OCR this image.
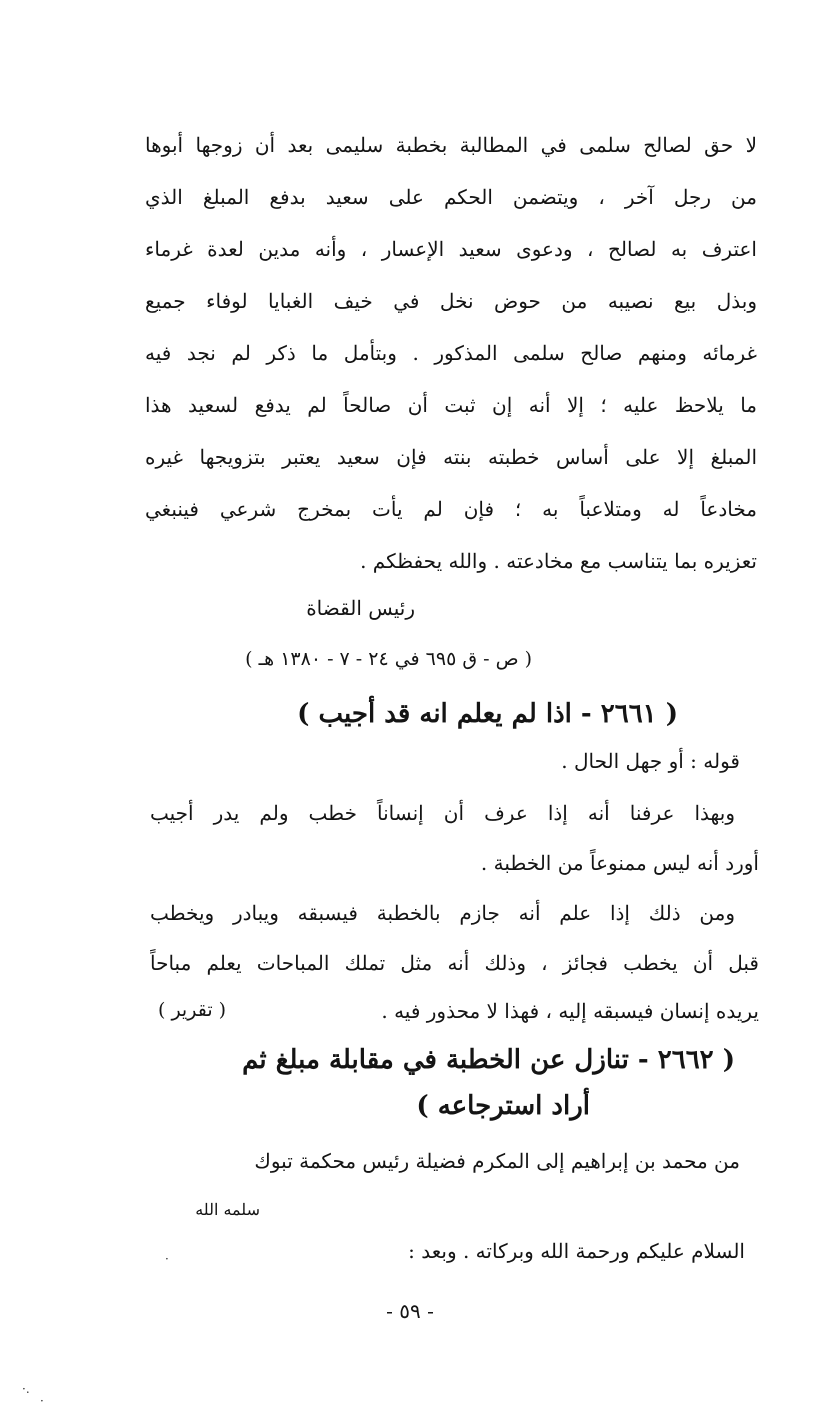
لا حق لصالح سلمى في المطالبة بخطبة سليمى بعد أن زوجها أبوها
من رجل آخر ، ويتضمن الحكم على سعيد بدفع المبلغ الذي
اعترف به لصالح ، ودعوى سعيد الإعسار ، وأنه مدين لعدة غرماء
وبذل بيع نصيبه من حوض نخل في خيف الغبايا لوفاء جميع
غرمائه ومنهم صالح سلمى المذكور . وبتأمل ما ذكر لم نجد فيه
ما يلاحظ عليه ؛ إلا أنه إن ثبت أن صالحاً لم يدفع لسعيد هذا
المبلغ إلا على أساس خطبته بنته فإن سعيد يعتبر بتزويجها غيره
مخادعاً له ومتلاعباً به ؛ فإن لم يأت بمخرج شرعي فينبغي
تعزيره بما يتناسب مع مخادعته . والله يحفظكم .
رئيس القضاة
( ص - ق ٦٩٥ في ٢٤ - ٧ - ١٣٨٠ هـ )
( ٢٦٦١ - اذا لم يعلم انه قد أجيب )
قوله : أو جهل الحال .
وبهذا عرفنا أنه إذا عرف أن إنساناً خطب ولم يدر أجيب
أورد أنه ليس ممنوعاً من الخطبة .
ومن ذلك إذا علم أنه جازم بالخطبة فيسبقه ويبادر ويخطب
قبل أن يخطب فجائز ، وذلك أنه مثل تملك المباحات يعلم مباحاً
يريده إنسان فيسبقه إليه ، فهذا لا محذور فيه .
( تقرير )
( ٢٦٦٢ - تنازل عن الخطبة في مقابلة مبلغ ثم
أراد استرجاعه )
من محمد بن إبراهيم إلى المكرم فضيلة رئيس محكمة تبوك
سلمه الله
السلام عليكم ورحمة الله وبركاته . وبعد :
- ٥٩ -
·.
·
·
